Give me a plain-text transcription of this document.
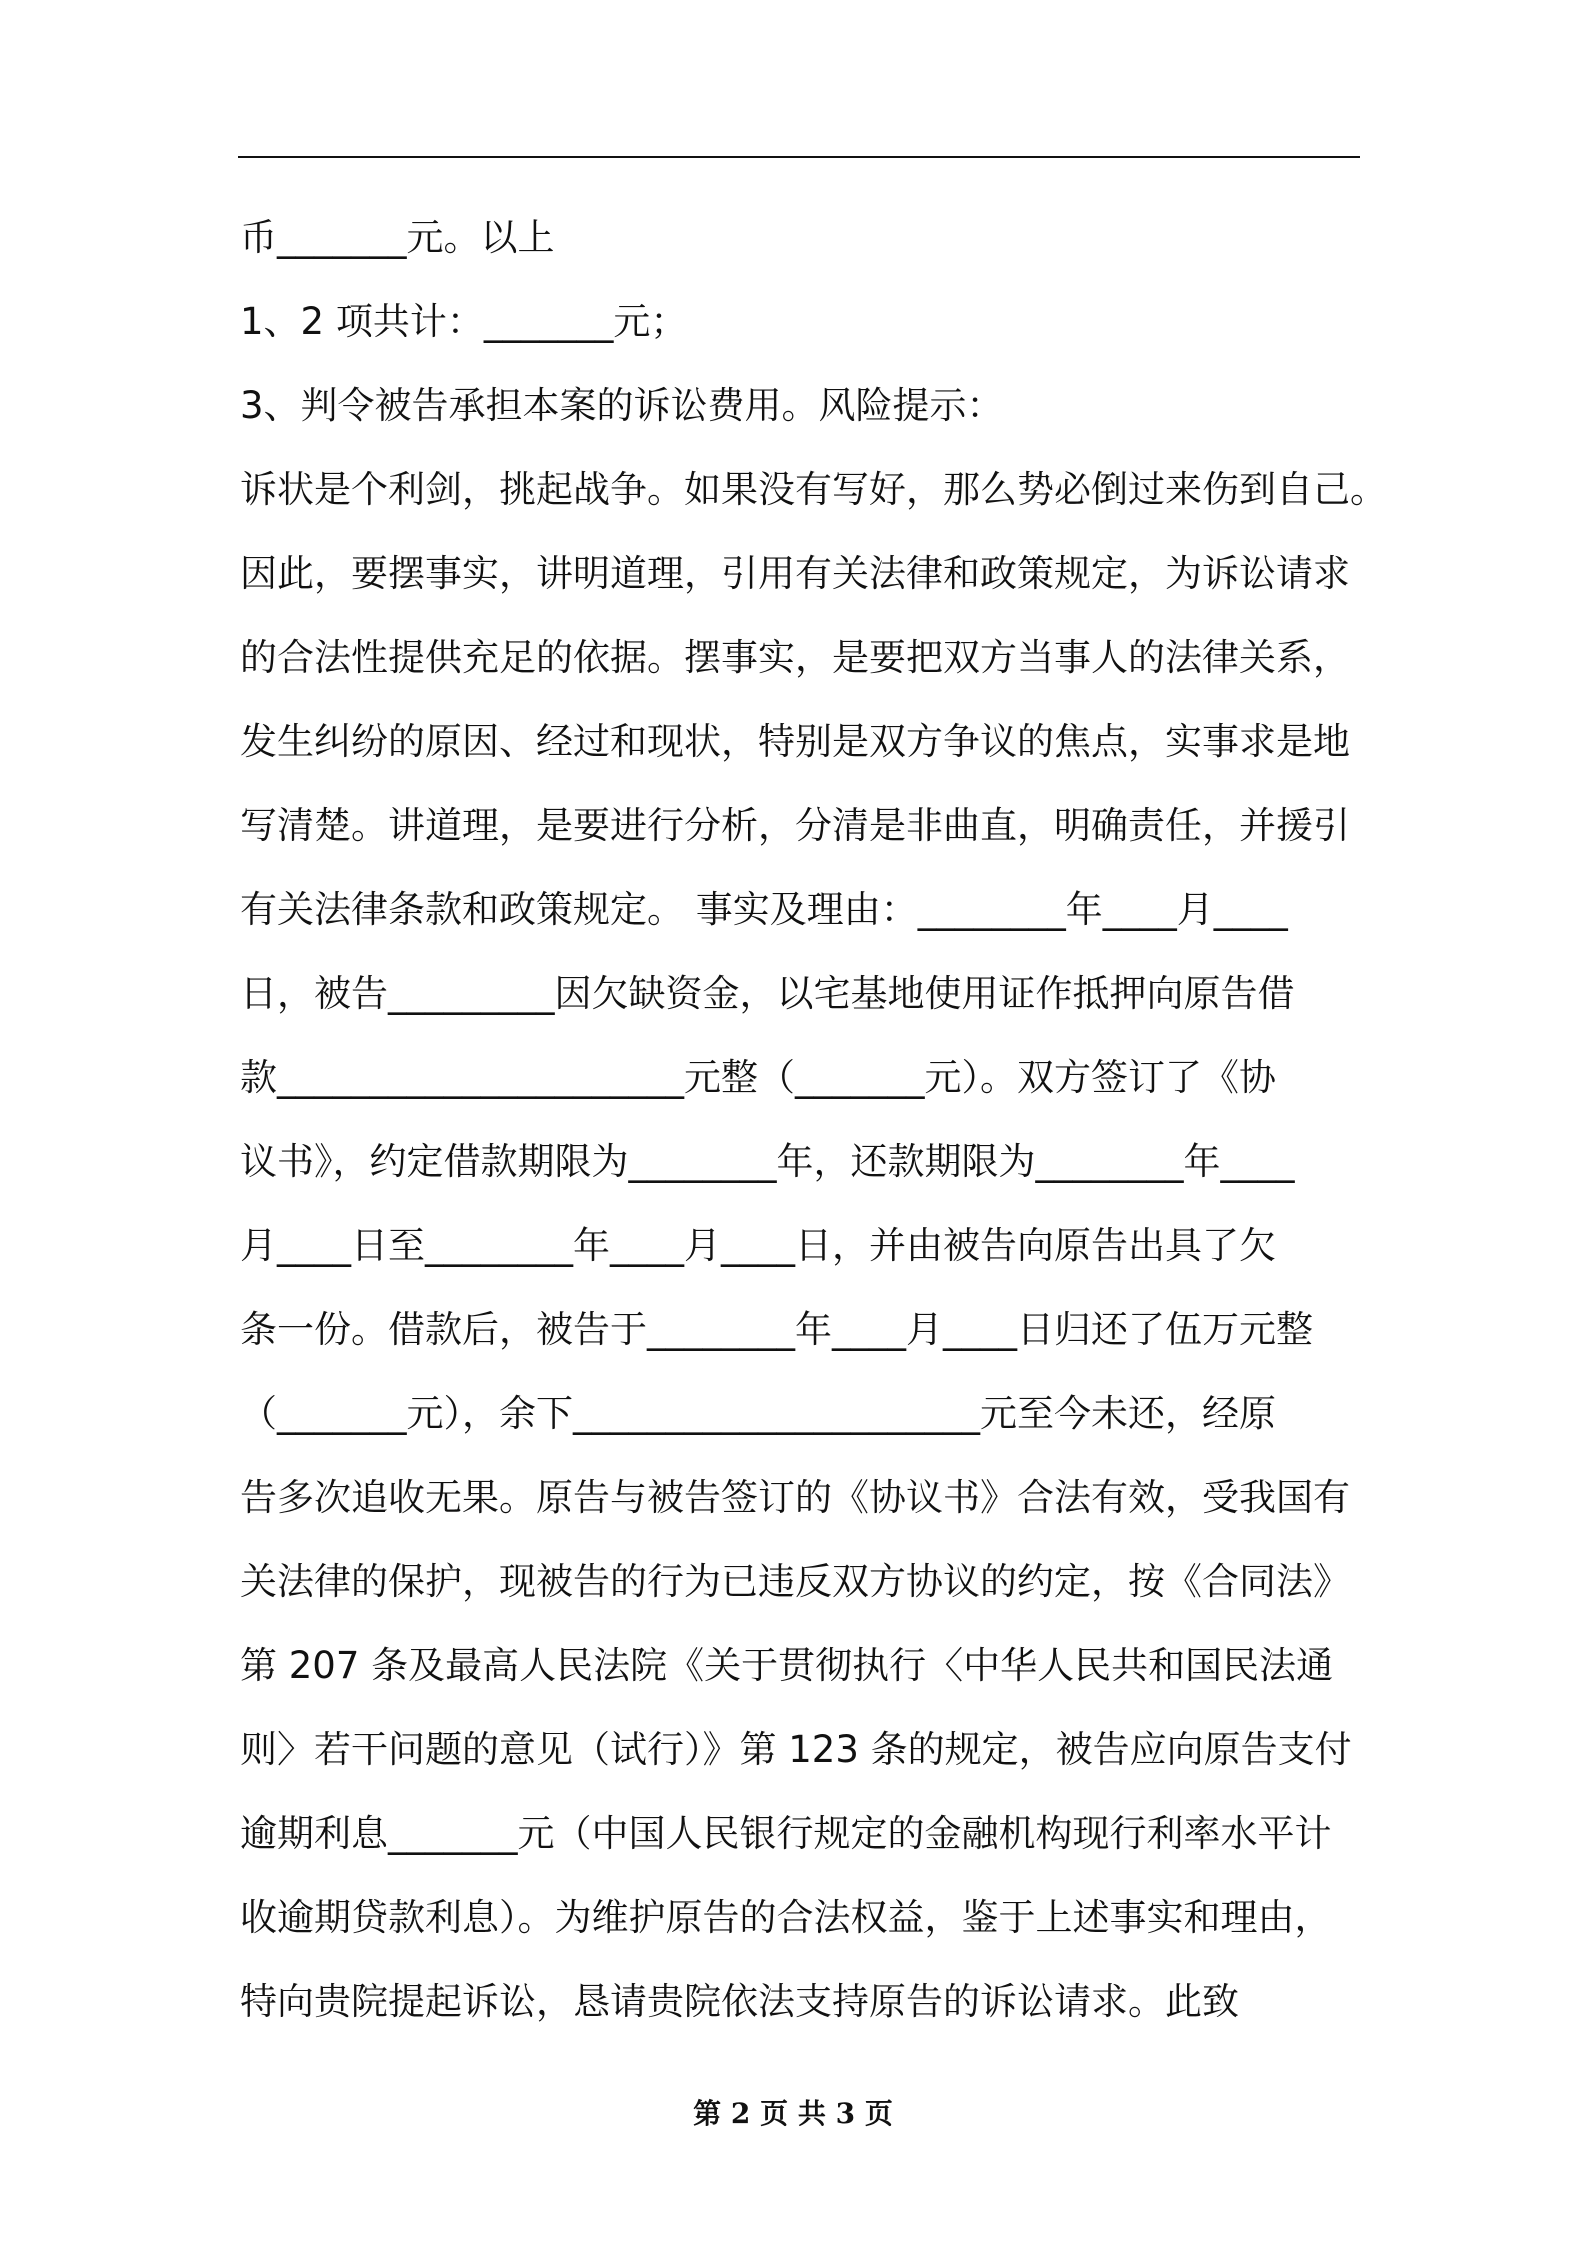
币_______元。以上
1、2 项共计：_______元；
3、判令被告承担本案的诉讼费用。风险提示：
诉状是个利剑，挑起战争。如果没有写好，那么势必倒过来伤到自己。
因此，要摆事实，讲明道理，引用有关法律和政策规定，为诉讼请求
的合法性提供充足的依据。摆事实，是要把双方当事人的法律关系，
发生纠纷的原因、经过和现状，特别是双方争议的焦点，实事求是地
写清楚。讲道理，是要进行分析，分清是非曲直，明确责任，并援引
有关法律条款和政策规定。 事实及理由：________年____月____
日，被告_________因欠缺资金，以宅基地使用证作抵押向原告借
款______________________元整（_______元）。双方签订了《协
议书》，约定借款期限为________年，还款期限为________年____
月____日至________年____月____日，并由被告向原告出具了欠
条一份。借款后，被告于________年____月____日归还了伍万元整
（_______元），余下______________________元至今未还，经原
告多次追收无果。原告与被告签订的《协议书》合法有效，受我国有
关法律的保护，现被告的行为已违反双方协议的约定，按《合同法》
第 207 条及最高人民法院《关于贯彻执行〈中华人民共和国民法通
则〉若干问题的意见（试行）》第 123 条的规定，被告应向原告支付
逾期利息_______元（中国人民银行规定的金融机构现行利率水平计
收逾期贷款利息）。为维护原告的合法权益，鉴于上述事实和理由，
特向贵院提起诉讼，恳请贵院依法支持原告的诉讼请求。此致
第 2 页 共 3 页
